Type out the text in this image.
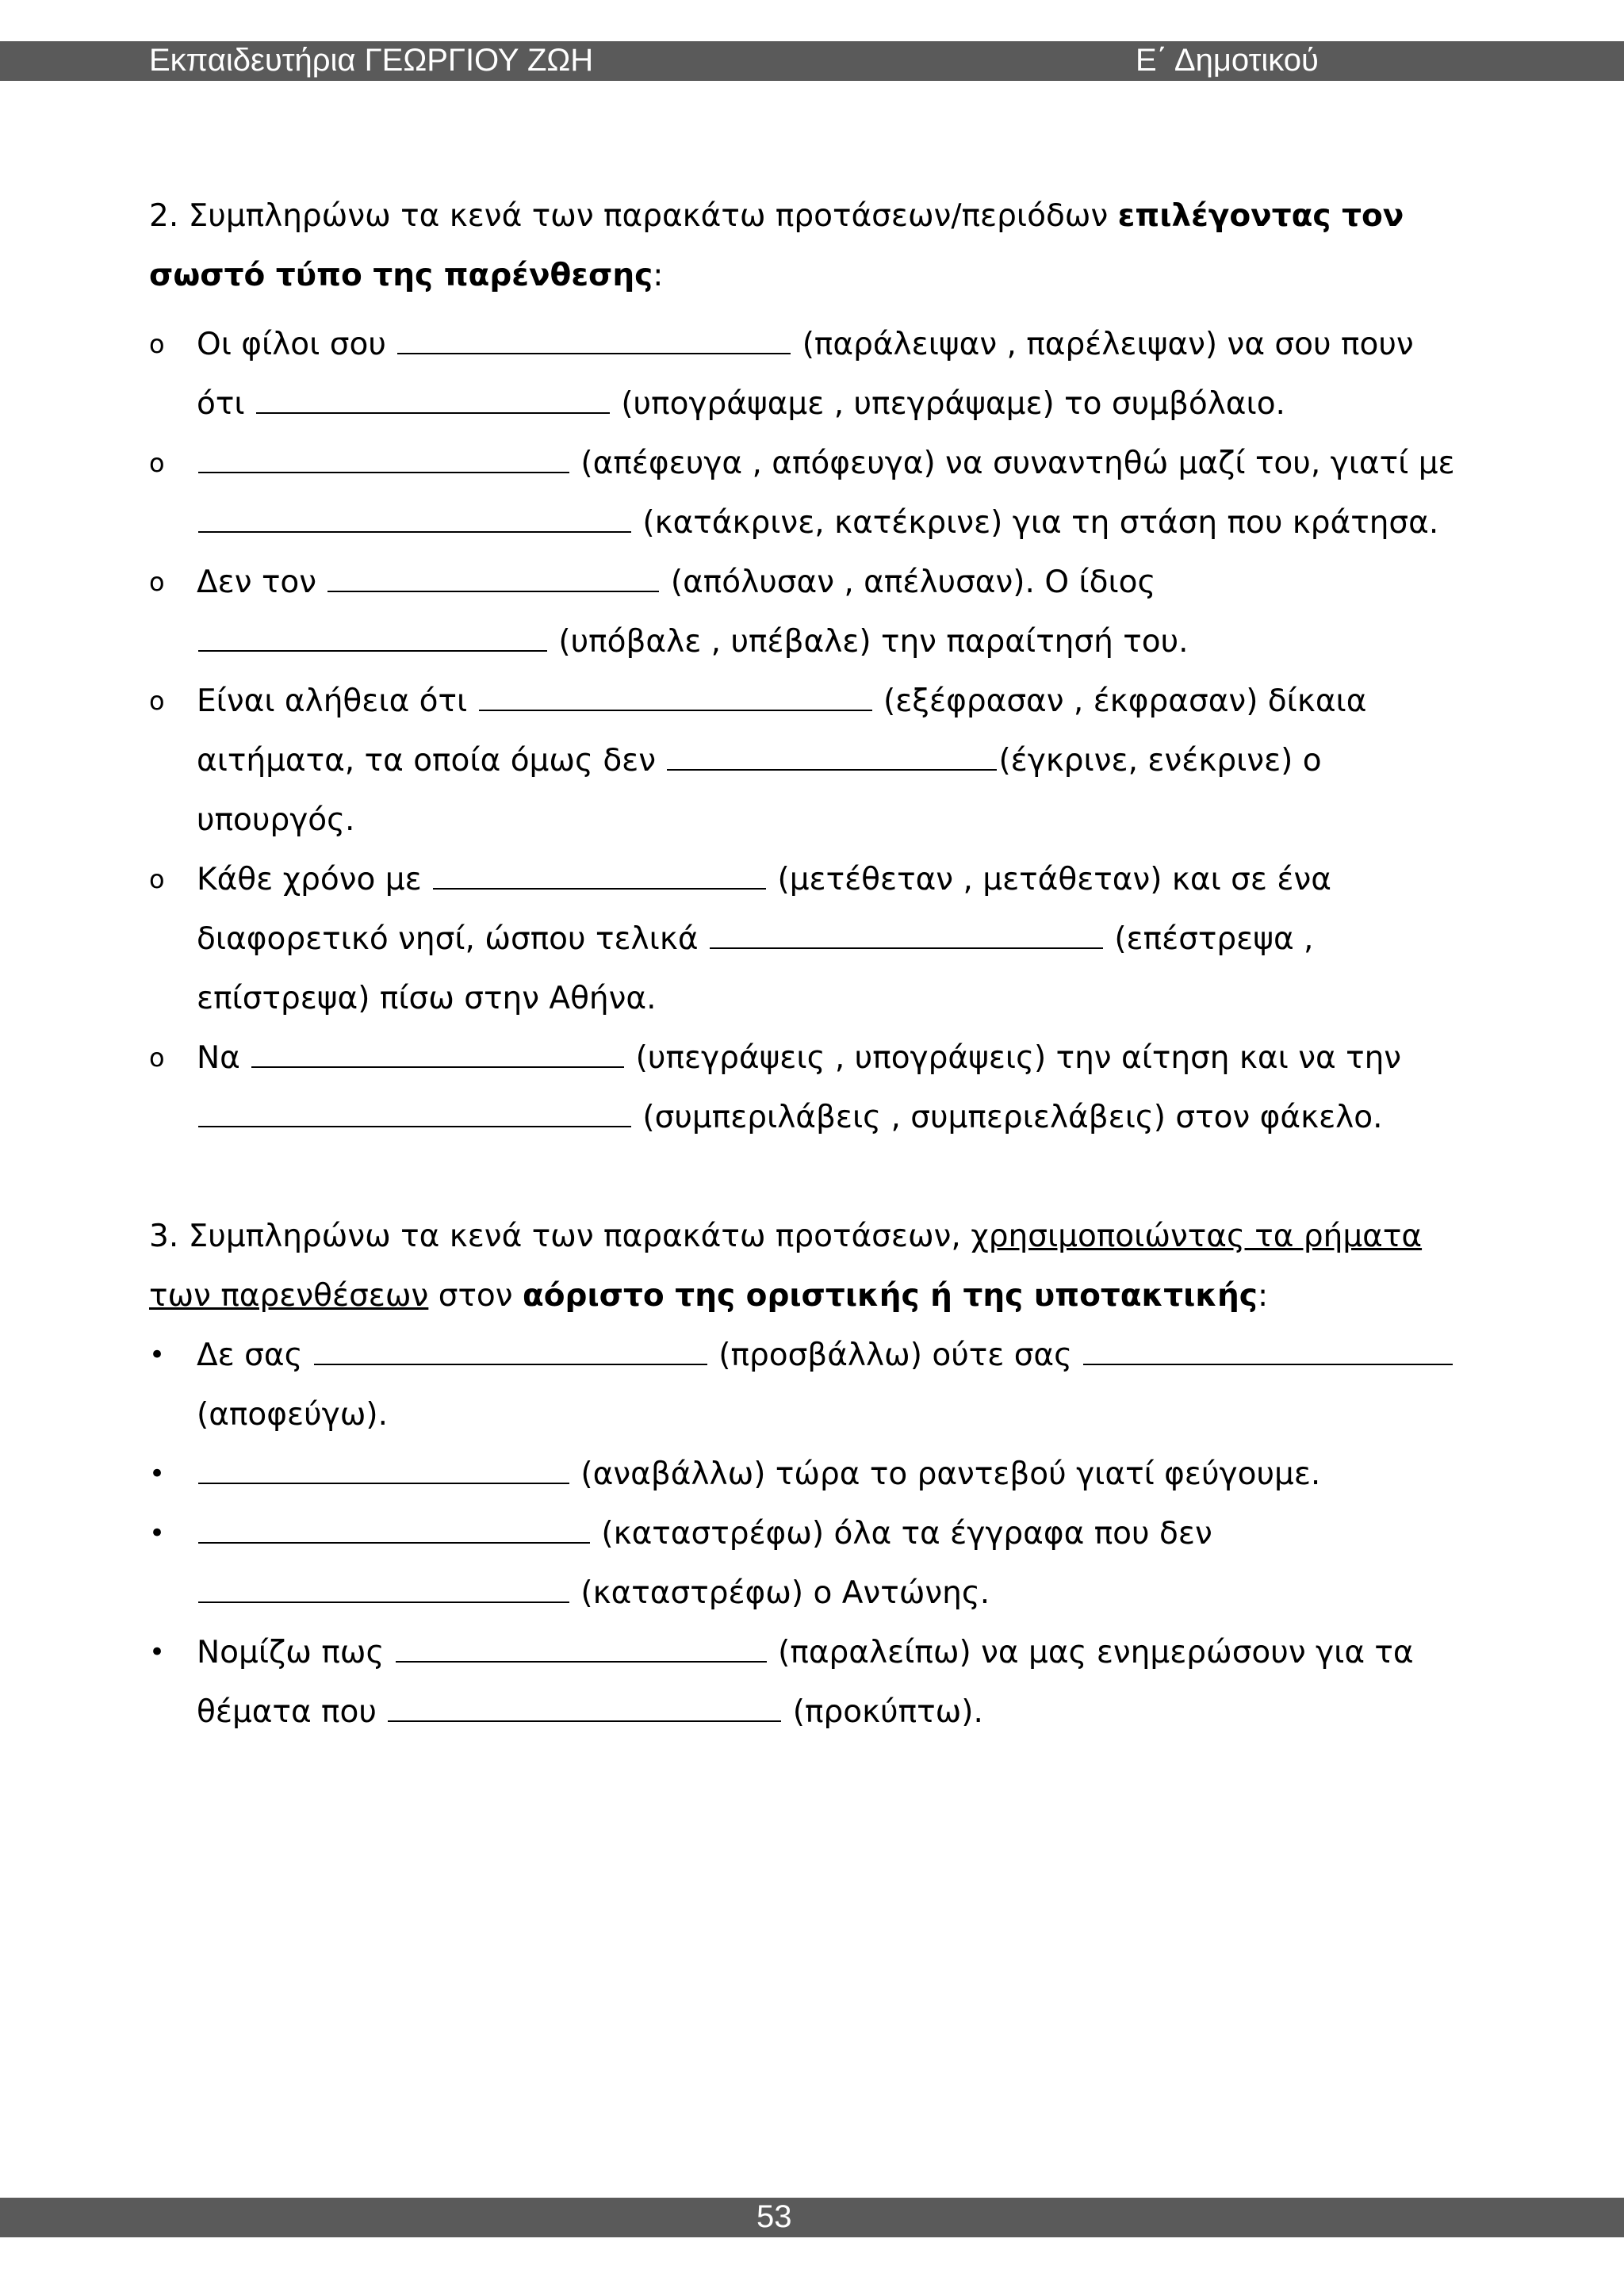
Εκπαιδευτήρια ΓΕΩΡΓΙΟΥ ΖΩΗ	Ε΄ Δημοτικού

2. Συμπληρώνω τα κενά των παρακάτω προτάσεων/περιόδων επιλέγοντας τον σωστό τύπο της παρένθεσης:

o Οι φίλοι σου	(παράλειψαν , παρέλειψαν) να σου πουν
ότι	(υπογράψαμε , υπεγράψαμε) το συμβόλαιο.
o	(απέφευγα , απόφευγα) να συναντηθώ μαζί του, γιατί με
(κατάκρινε, κατέκρινε) για τη στάση που κράτησα.
o Δεν τον	(απόλυσαν , απέλυσαν). Ο ίδιος
(υπόβαλε , υπέβαλε) την παραίτησή του.
o Είναι αλήθεια ότι	(εξέφρασαν , έκφρασαν) δίκαια
αιτήματα, τα οποία όμως δεν	(έγκρινε, ενέκρινε) ο
υπουργός.
o Κάθε χρόνο με	(μετέθεταν , μετάθεταν) και σε ένα
διαφορετικό νησί, ώσπου τελικά	(επέστρεψα ,
επίστρεψα) πίσω στην Αθήνα.
o Να	(υπεγράψεις , υπογράψεις) την αίτηση και να την
(συμπεριλάβεις , συμπεριελάβεις) στον φάκελο.

3. Συμπληρώνω τα κενά των παρακάτω προτάσεων, χρησιμοποιώντας τα ρήματα
των παρενθέσεων στον αόριστο της οριστικής ή της υποτακτικής:

• Δε σας	(προσβάλλω) ούτε σας
(αποφεύγω).
•	(αναβάλλω) τώρα το ραντεβού γιατί φεύγουμε.
•	(καταστρέφω) όλα τα έγγραφα που δεν
(καταστρέφω) ο Αντώνης.
• Νομίζω πως	(παραλείπω) να μας ενημερώσουν για τα
θέματα που	(προκύπτω).
53
